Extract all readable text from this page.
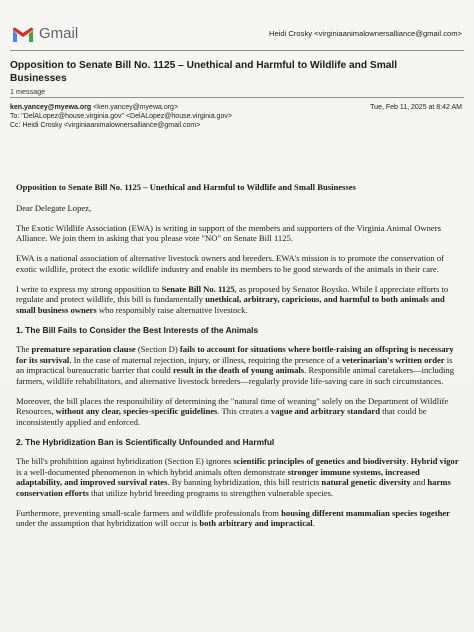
Gmail	Heidi Crosky <virginiaanimalownersalliance@gmail.com>
Opposition to Senate Bill No. 1125 – Unethical and Harmful to Wildlife and Small Businesses
1 message
ken.yancey@myewa.org <ken.yancey@myewa.org>
To: "DelALopez@house.virginia.gov" <DelALopez@house.virginia.gov>
Cc: Heidi Crosky <virginiaanimalownersalliance@gmail.com>
Tue, Feb 11, 2025 at 8:42 AM

Opposition to Senate Bill No. 1125 – Unethical and Harmful to Wildlife and Small Businesses

Dear Delegate Lopez,

The Exotic Wildlife Association (EWA) is writing in support of the members and supporters of the Virginia Animal Owners Alliance. We join them in asking that you please vote "NO" on Senate Bill 1125.

EWA is a national association of alternative livestock owners and breeders. EWA's mission is to promote the conservation of exotic wildlife, protect the exotic wildlife industry and enable its members to be good stewards of the animals in their care.

I write to express my strong opposition to Senate Bill No. 1125, as proposed by Senator Boysko. While I appreciate efforts to regulate and protect wildlife, this bill is fundamentally unethical, arbitrary, capricious, and harmful to both animals and small business owners who responsibly raise alternative livestock.

1. The Bill Fails to Consider the Best Interests of the Animals

The premature separation clause (Section D) fails to account for situations where bottle-raising an offspring is necessary for its survival. In the case of maternal rejection, injury, or illness, requiring the presence of a veterinarian's written order is an impractical bureaucratic barrier that could result in the death of young animals. Responsible animal caretakers—including farmers, wildlife rehabilitators, and alternative livestock breeders—regularly provide life-saving care in such circumstances.

Moreover, the bill places the responsibility of determining the "natural time of weaning" solely on the Department of Wildlife Resources, without any clear, species-specific guidelines. This creates a vague and arbitrary standard that could be inconsistently applied and enforced.

2. The Hybridization Ban is Scientifically Unfounded and Harmful

The bill's prohibition against hybridization (Section E) ignores scientific principles of genetics and biodiversity. Hybrid vigor is a well-documented phenomenon in which hybrid animals often demonstrate stronger immune systems, increased adaptability, and improved survival rates. By banning hybridization, this bill restricts natural genetic diversity and harms conservation efforts that utilize hybrid breeding programs to strengthen vulnerable species.

Furthermore, preventing small-scale farmers and wildlife professionals from housing different mammalian species together under the assumption that hybridization will occur is both arbitrary and impractical.
